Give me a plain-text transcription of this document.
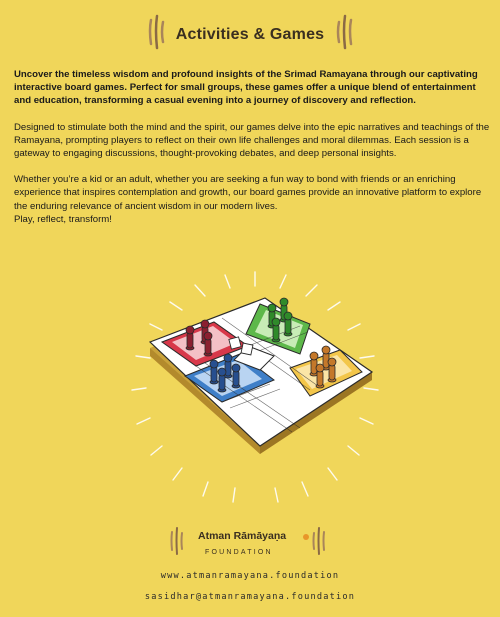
Activities & Games

Uncover the timeless wisdom and profound insights of the Srimad Ramayana through our captivating interactive board games. Perfect for small groups, these games offer a unique blend of entertainment and education, transforming a casual evening into a journey of discovery and reflection.

Designed to stimulate both the mind and the spirit, our games delve into the epic narratives and teachings of the Ramayana, prompting players to reflect on their own life challenges and moral dilemmas. Each session is a gateway to engaging discussions, thought-provoking debates, and deep personal insights.

Whether you’re a kid or an adult, whether you are seeking a fun way to bond with friends or an enriching experience that inspires contemplation and growth, our board games provide an innovative platform to explore the enduring relevance of ancient wisdom in our modern lives.

Play, reflect, transform!

Atman Rāmāyaṇa
FOUNDATION
www.atmanramayana.foundation
sasidhar@atmanramayana.foundation
